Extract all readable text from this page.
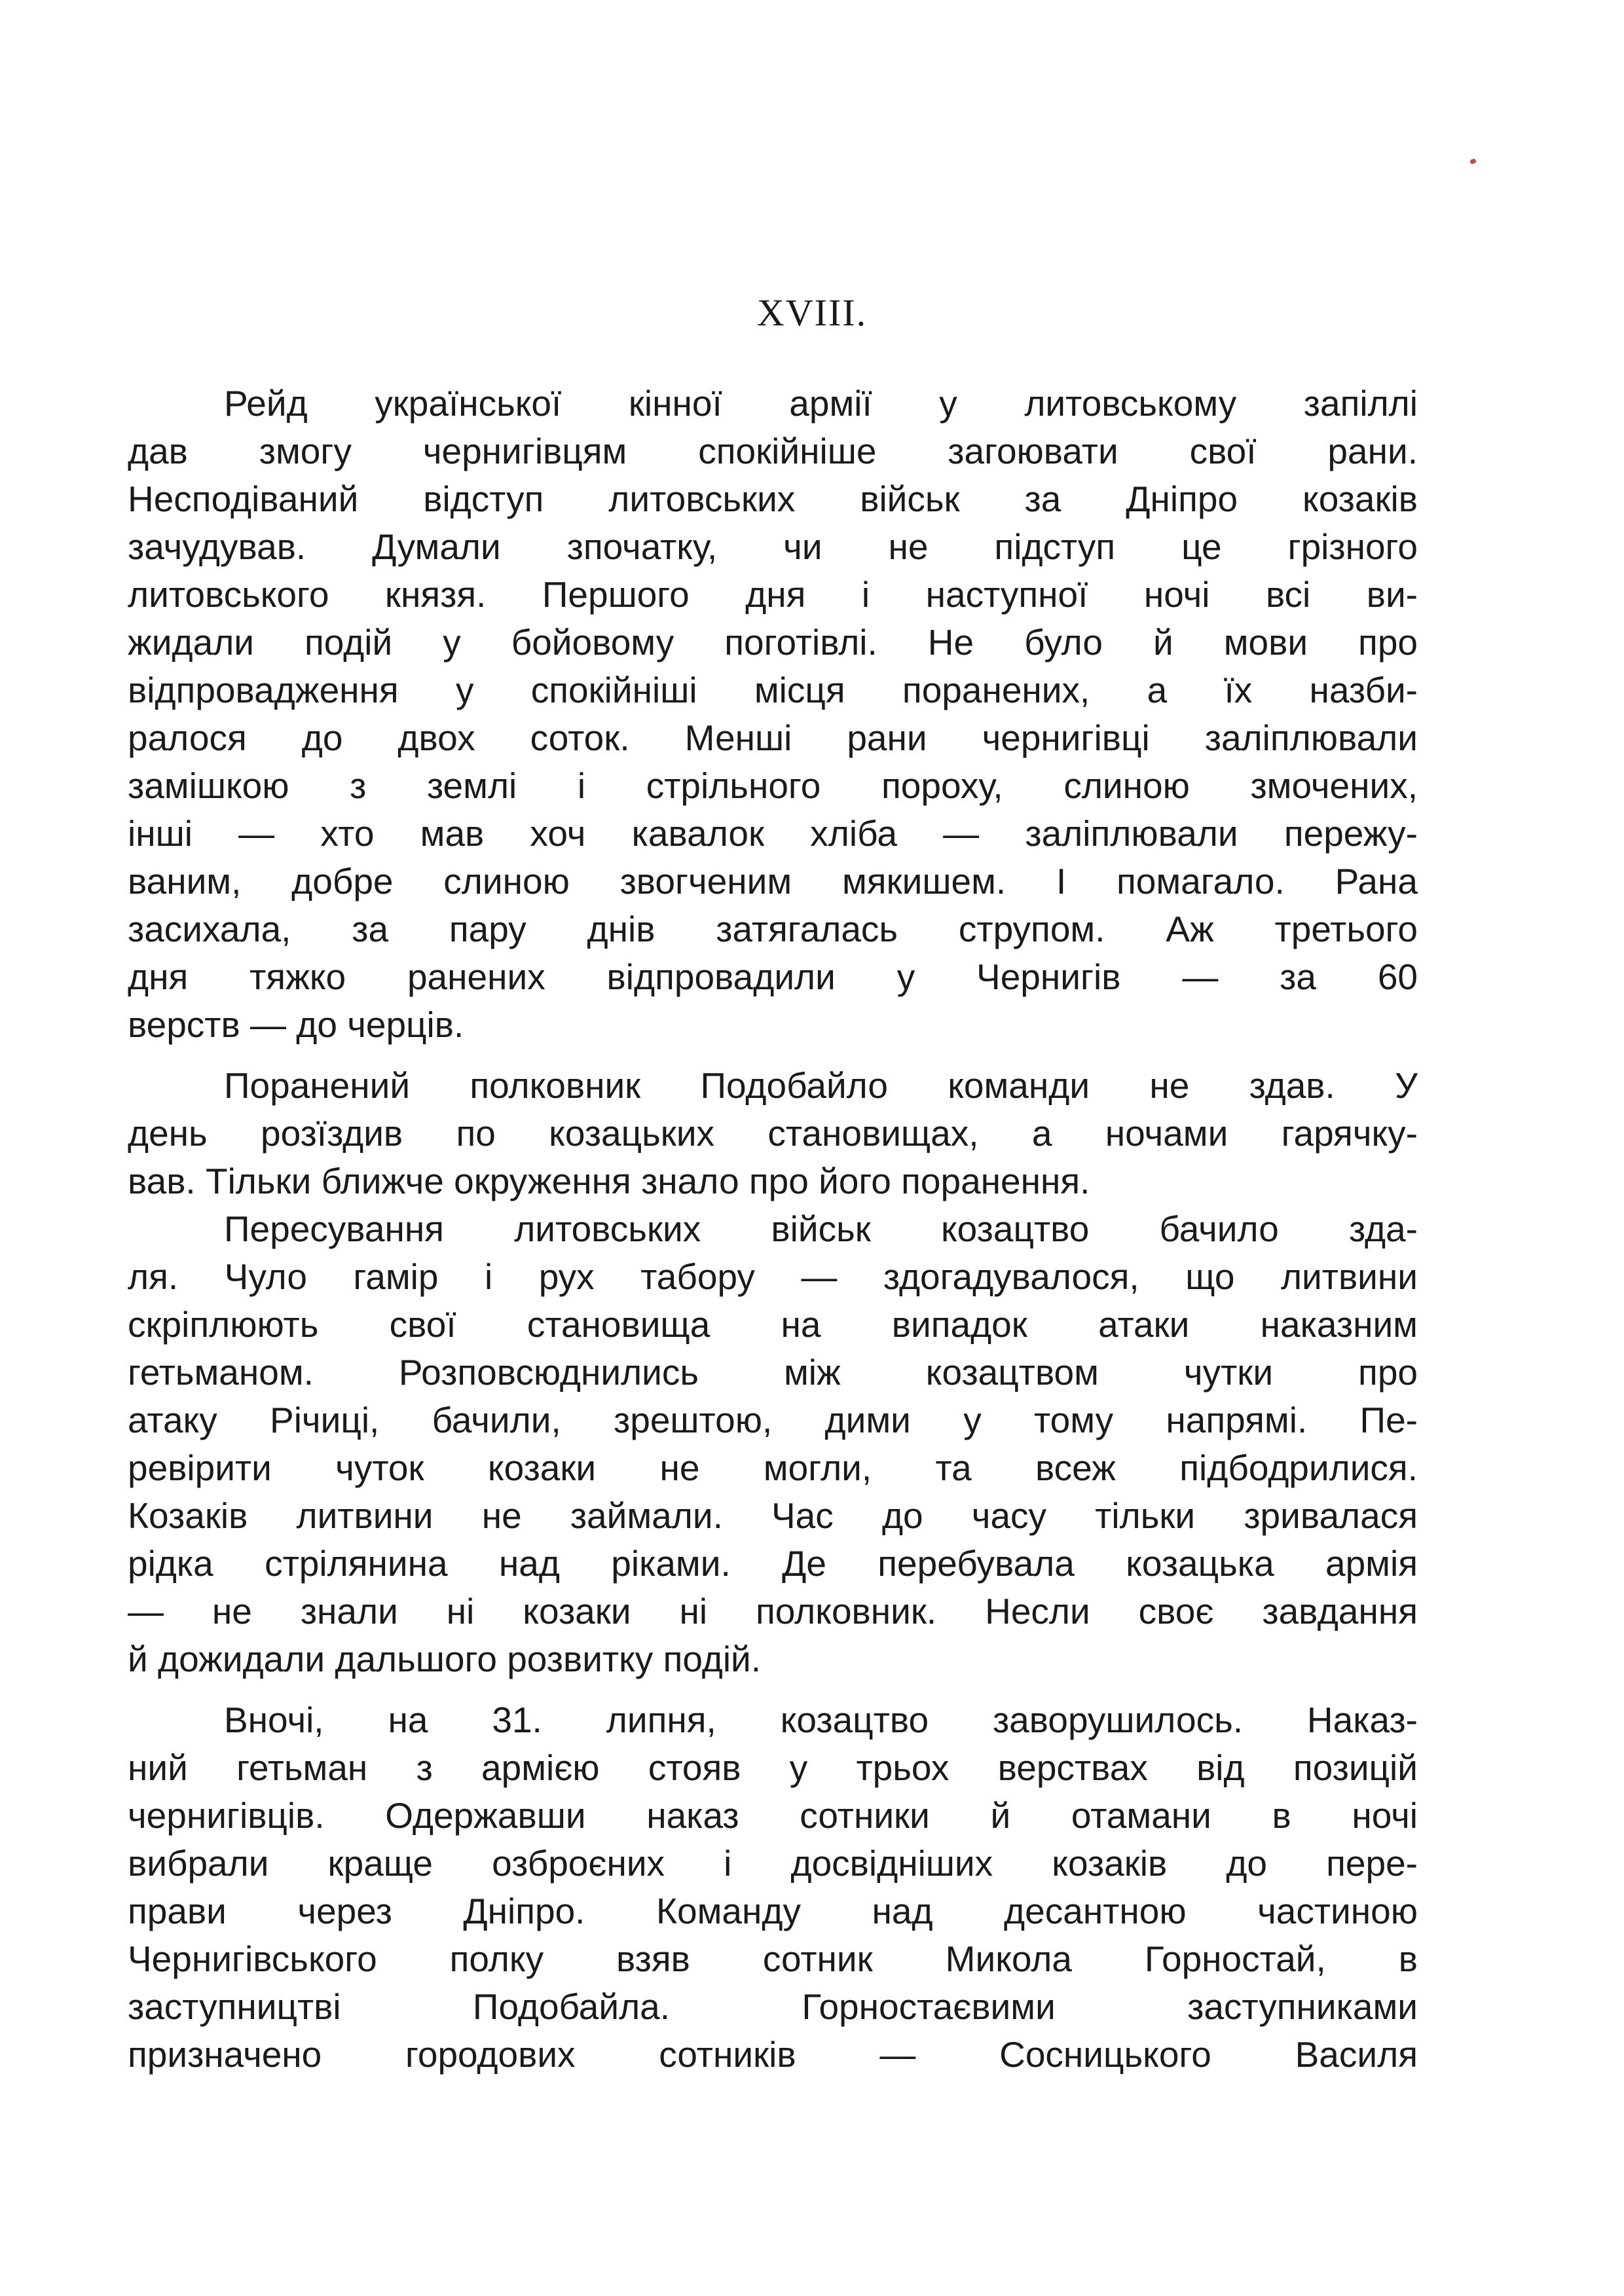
XVIII.
Рейд української кінної армії у литовському запіллі
дав змогу чернигівцям спокійніше загоювати свої рани.
Несподіваний відступ литовських військ за Дніпро козаків
зачудував. Думали зпочатку, чи не підступ це грізного
литовського князя. Першого дня і наступної ночі всі ви-
жидали подій у бойовому поготівлі. Не було й мови про
відпровадження у спокійніші місця поранених, а їх назби-
ралося до двох соток. Менші рани чернигівці заліплювали
замішкою з землі і стрільного пороху, слиною змочених,
інші — хто мав хоч кавалок хліба — заліплювали пережу-
ваним, добре слиною звогченим мякишем. І помагало. Рана
засихала, за пару днів затягалась струпом. Аж третього
дня тяжко ранених відпровадили у Чернигів — за 60
верств — до черців.
Поранений полковник Подобайло команди не здав. У
день розїздив по козацьких становищах, а ночами гарячку-
вав. Тільки ближче окруження знало про його поранення.
Пересування литовських військ козацтво бачило зда-
ля. Чуло гамір і рух табору — здогадувалося, що литвини
скріплюють свої становища на випадок атаки наказним
гетьманом. Розповсюднились між козацтвом чутки про
атаку Річиці, бачили, зрештою, дими у тому напрямі. Пе-
ревірити чуток козаки не могли, та всеж підбодрилися.
Козаків литвини не займали. Час до часу тільки зривалася
рідка стрілянина над ріками. Де перебувала козацька армія
— не знали ні козаки ні полковник. Несли своє завдання
й дожидали дальшого розвитку подій.
Вночі, на 31. липня, козацтво заворушилось. Наказ-
ний гетьман з армією стояв у трьох верствах від позицій
чернигівців. Одержавши наказ сотники й отамани в ночі
вибрали краще озброєних і досвідніших козаків до пере-
прави через Дніпро. Команду над десантною частиною
Чернигівського полку взяв сотник Микола Горностай, в
заступництві Подобайла. Горностаєвими заступниками
призначено городових сотників — Сосницького Василя
